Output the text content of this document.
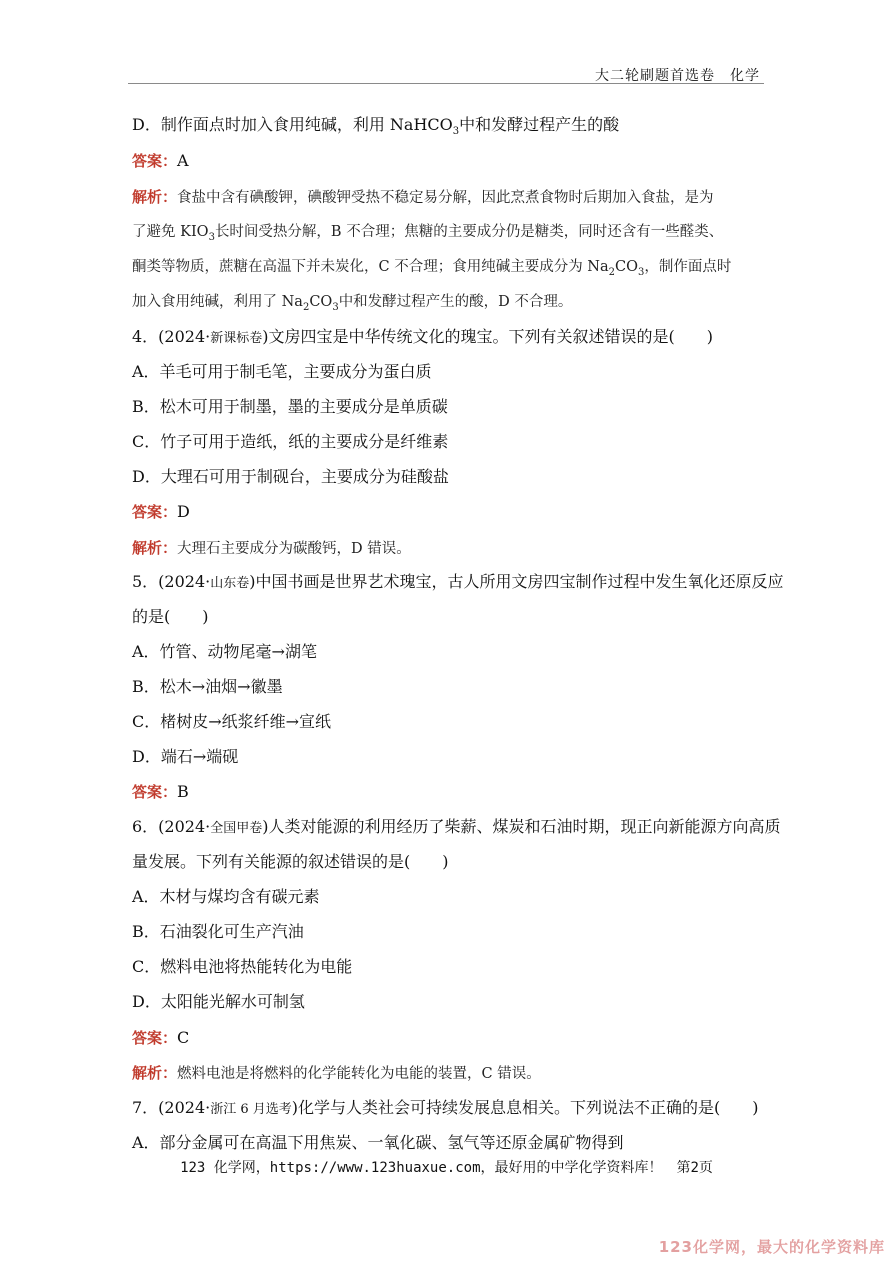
大二轮刷题首选卷　化学
D．制作面点时加入食用纯碱，利用 NaHCO$_3$中和发酵过程产生的酸
答案：A
解析：食盐中含有碘酸钾，碘酸钾受热不稳定易分解，因此烹煮食物时后期加入食盐，是为
了避免 $KIO_3$长时间受热分解，B 不合理；焦糖的主要成分仍是糖类，同时还含有一些醛类、
酮类等物质，蔗糖在高温下并未炭化，C 不合理；食用纯碱主要成分为 $Na_2CO_3$，制作面点时
加入食用纯碱，利用了 $Na_2CO_3$中和发酵过程产生的酸，D 不合理。
4．(2024·新课标卷)文房四宝是中华传统文化的瑰宝。下列有关叙述错误的是(　　)
A．羊毛可用于制毛笔，主要成分为蛋白质
B．松木可用于制墨，墨的主要成分是单质碳
C．竹子可用于造纸，纸的主要成分是纤维素
D．大理石可用于制砚台，主要成分为硅酸盐
答案：D
解析：大理石主要成分为碳酸钙，D 错误。
5．(2024·山东卷)中国书画是世界艺术瑰宝，古人所用文房四宝制作过程中发生氧化还原反应
的是(　　)
A．竹管、动物尾毫→湖笔
B．松木→油烟→徽墨
C．楮树皮→纸浆纤维→宣纸
D．端石→端砚
答案：B
6．(2024·全国甲卷)人类对能源的利用经历了柴薪、煤炭和石油时期，现正向新能源方向高质
量发展。下列有关能源的叙述错误的是(　　)
A．木材与煤均含有碳元素
B．石油裂化可生产汽油
C．燃料电池将热能转化为电能
D．太阳能光解水可制氢
答案：C
解析：燃料电池是将燃料的化学能转化为电能的装置，C 错误。
7．(2024·浙江 6 月选考)化学与人类社会可持续发展息息相关。下列说法不正确的是(　　)
A．部分金属可在高温下用焦炭、一氧化碳、氢气等还原金属矿物得到
123 化学网，https://www.123huaxue.com，最好用的中学化学资料库！　第2页
123化学网，最大的化学资料库
